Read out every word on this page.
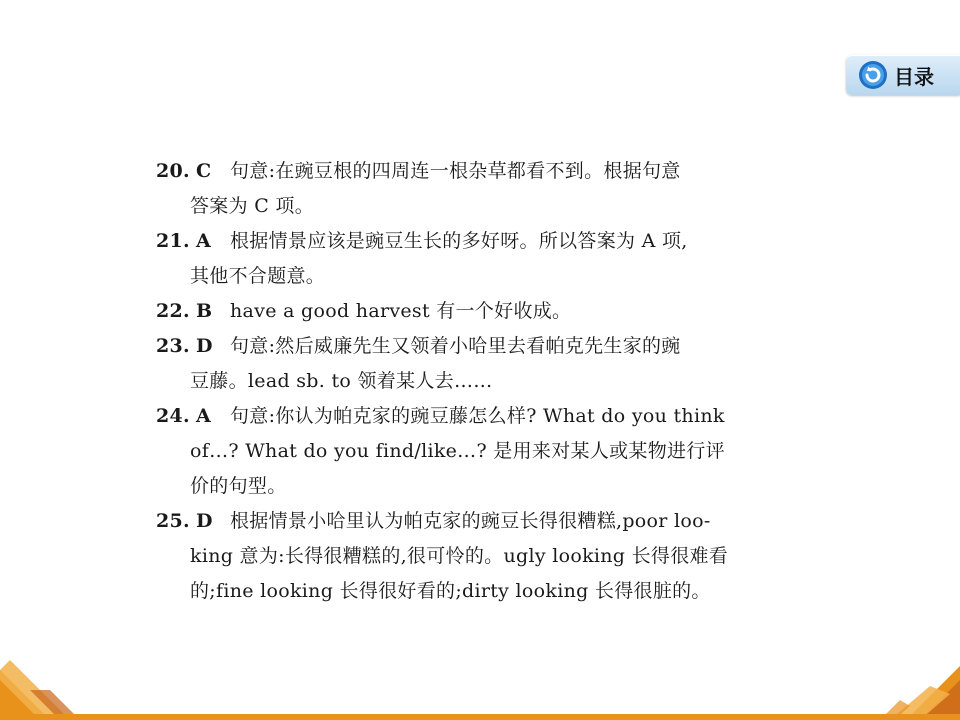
目录
20. C 句意:在豌豆根的四周连一根杂草都看不到。根据句意
答案为 C 项。
21. A 根据情景应该是豌豆生长的多好呀。所以答案为 A 项,
其他不合题意。
22. B have a good harvest 有一个好收成。
23. D 句意:然后威廉先生又领着小哈里去看帕克先生家的豌
豆藤。lead sb. to 领着某人去……
24. A 句意:你认为帕克家的豌豆藤怎么样? What do you think
of…? What do you find/like…? 是用来对某人或某物进行评
价的句型。
25. D 根据情景小哈里认为帕克家的豌豆长得很糟糕,poor loo-
king 意为:长得很糟糕的,很可怜的。ugly looking 长得很难看
的;fine looking 长得很好看的;dirty looking 长得很脏的。
